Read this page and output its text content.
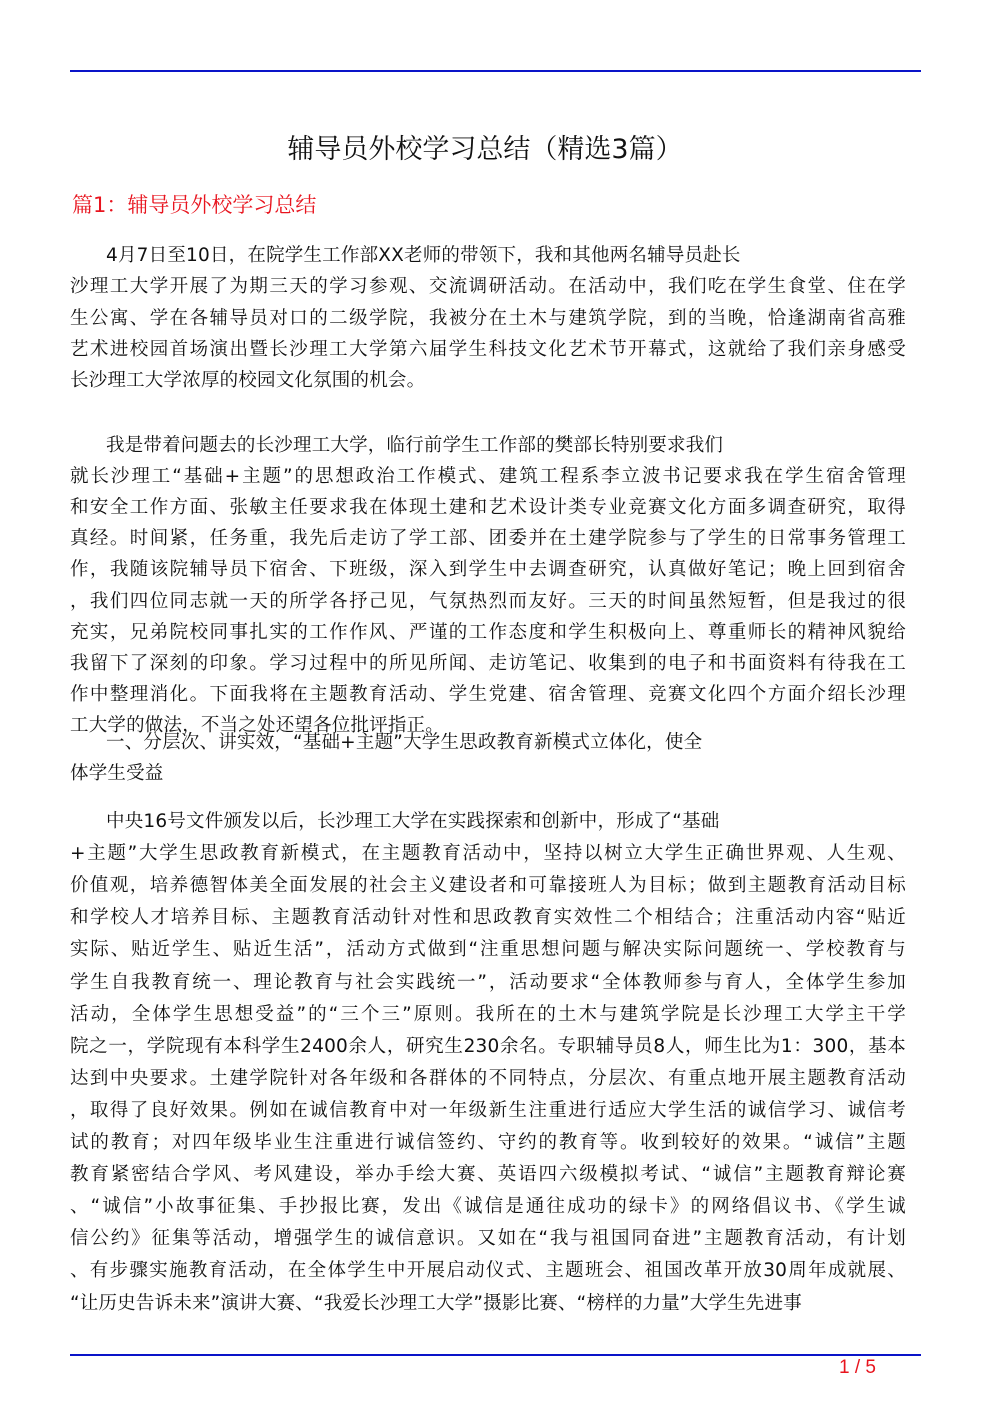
辅导员外校学习总结（精选3篇）
篇1：辅导员外校学习总结
4月7日至10日，在院学生工作部XX老师的带领下，我和其他两名辅导员赴长
沙理工大学开展了为期三天的学习参观、交流调研活动。在活动中，我们吃在学生食堂、住在学
生公寓、学在各辅导员对口的二级学院，我被分在土木与建筑学院，到的当晚，恰逢湖南省高雅
艺术进校园首场演出暨长沙理工大学第六届学生科技文化艺术节开幕式，这就给了我们亲身感受
长沙理工大学浓厚的校园文化氛围的机会。
我是带着问题去的长沙理工大学，临行前学生工作部的樊部长特别要求我们
就长沙理工“基础+主题”的思想政治工作模式、建筑工程系李立波书记要求我在学生宿舍管理
和安全工作方面、张敏主任要求我在体现土建和艺术设计类专业竞赛文化方面多调查研究，取得
真经。时间紧，任务重，我先后走访了学工部、团委并在土建学院参与了学生的日常事务管理工
作，我随该院辅导员下宿舍、下班级，深入到学生中去调查研究，认真做好笔记；晚上回到宿舍
，我们四位同志就一天的所学各抒己见，气氛热烈而友好。三天的时间虽然短暂，但是我过的很
充实，兄弟院校同事扎实的工作作风、严谨的工作态度和学生积极向上、尊重师长的精神风貌给
我留下了深刻的印象。学习过程中的所见所闻、走访笔记、收集到的电子和书面资料有待我在工
作中整理消化。下面我将在主题教育活动、学生党建、宿舍管理、竞赛文化四个方面介绍长沙理
工大学的做法，不当之处还望各位批评指正。
一、分层次、讲实效，“基础+主题”大学生思政教育新模式立体化，使全
体学生受益
中央16号文件颁发以后，长沙理工大学在实践探索和创新中，形成了“基础
+主题”大学生思政教育新模式，在主题教育活动中，坚持以树立大学生正确世界观、人生观、
价值观，培养德智体美全面发展的社会主义建设者和可靠接班人为目标；做到主题教育活动目标
和学校人才培养目标、主题教育活动针对性和思政教育实效性二个相结合；注重活动内容“贴近
实际、贴近学生、贴近生活”，活动方式做到“注重思想问题与解决实际问题统一、学校教育与
学生自我教育统一、理论教育与社会实践统一”，活动要求“全体教师参与育人，全体学生参加
活动，全体学生思想受益”的“三个三”原则。我所在的土木与建筑学院是长沙理工大学主干学
院之一，学院现有本科学生2400余人，研究生230余名。专职辅导员8人，师生比为1：300，基本
达到中央要求。土建学院针对各年级和各群体的不同特点，分层次、有重点地开展主题教育活动
，取得了良好效果。例如在诚信教育中对一年级新生注重进行适应大学生活的诚信学习、诚信考
试的教育；对四年级毕业生注重进行诚信签约、守约的教育等。收到较好的效果。“诚信”主题
教育紧密结合学风、考风建设，举办手绘大赛、英语四六级模拟考试、“诚信”主题教育辩论赛
、“诚信”小故事征集、手抄报比赛，发出《诚信是通往成功的绿卡》的网络倡议书、《学生诚
信公约》征集等活动，增强学生的诚信意识。又如在“我与祖国同奋进”主题教育活动，有计划
、有步骤实施教育活动，在全体学生中开展启动仪式、主题班会、祖国改革开放30周年成就展、
“让历史告诉未来”演讲大赛、“我爱长沙理工大学”摄影比赛、“榜样的力量”大学生先进事
1 / 5
